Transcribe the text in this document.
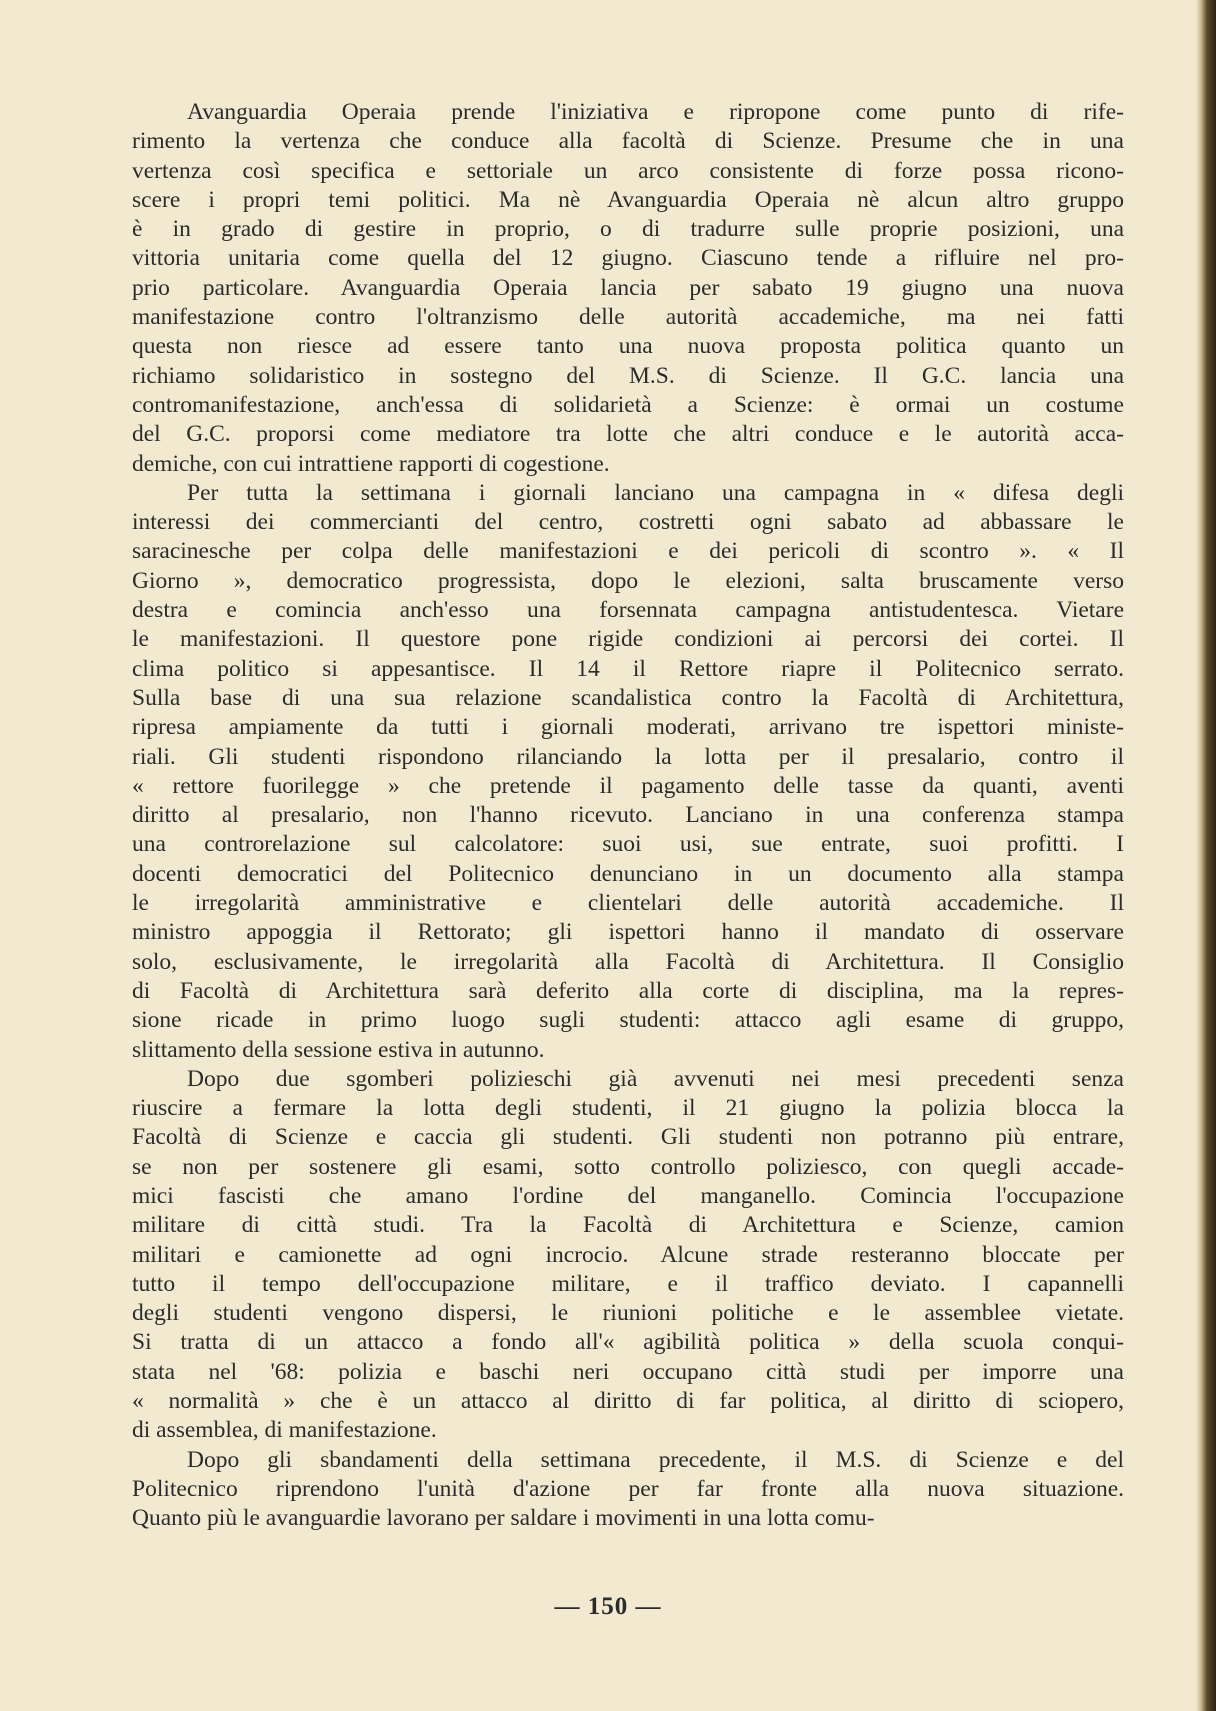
Avanguardia Operaia prende l'iniziativa e ripropone come punto di rife-
rimento la vertenza che conduce alla facoltà di Scienze. Presume che in una
vertenza così specifica e settoriale un arco consistente di forze possa ricono-
scere i propri temi politici. Ma nè Avanguardia Operaia nè alcun altro gruppo
è in grado di gestire in proprio, o di tradurre sulle proprie posizioni, una
vittoria unitaria come quella del 12 giugno. Ciascuno tende a rifluire nel pro-
prio particolare. Avanguardia Operaia lancia per sabato 19 giugno una nuova
manifestazione contro l'oltranzismo delle autorità accademiche, ma nei fatti
questa non riesce ad essere tanto una nuova proposta politica quanto un
richiamo solidaristico in sostegno del M.S. di Scienze. Il G.C. lancia una
contromanifestazione, anch'essa di solidarietà a Scienze: è ormai un costume
del G.C. proporsi come mediatore tra lotte che altri conduce e le autorità acca-
demiche, con cui intrattiene rapporti di cogestione.

Per tutta la settimana i giornali lanciano una campagna in « difesa degli
interessi dei commercianti del centro, costretti ogni sabato ad abbassare le
saracinesche per colpa delle manifestazioni e dei pericoli di scontro ». « Il
Giorno », democratico progressista, dopo le elezioni, salta bruscamente verso
destra e comincia anch'esso una forsennata campagna antistudentesca. Vietare
le manifestazioni. Il questore pone rigide condizioni ai percorsi dei cortei. Il
clima politico si appesantisce. Il 14 il Rettore riapre il Politecnico serrato.
Sulla base di una sua relazione scandalistica contro la Facoltà di Architettura,
ripresa ampiamente da tutti i giornali moderati, arrivano tre ispettori ministe-
riali. Gli studenti rispondono rilanciando la lotta per il presalario, contro il
« rettore fuorilegge » che pretende il pagamento delle tasse da quanti, aventi
diritto al presalario, non l'hanno ricevuto. Lanciano in una conferenza stampa
una controrelazione sul calcolatore: suoi usi, sue entrate, suoi profitti. I
docenti democratici del Politecnico denunciano in un documento alla stampa
le irregolarità amministrative e clientelari delle autorità accademiche. Il
ministro appoggia il Rettorato; gli ispettori hanno il mandato di osservare
solo, esclusivamente, le irregolarità alla Facoltà di Architettura. Il Consiglio
di Facoltà di Architettura sarà deferito alla corte di disciplina, ma la repres-
sione ricade in primo luogo sugli studenti: attacco agli esame di gruppo,
slittamento della sessione estiva in autunno.

Dopo due sgomberi polizieschi già avvenuti nei mesi precedenti senza
riuscire a fermare la lotta degli studenti, il 21 giugno la polizia blocca la
Facoltà di Scienze e caccia gli studenti. Gli studenti non potranno più entrare,
se non per sostenere gli esami, sotto controllo poliziesco, con quegli accade-
mici fascisti che amano l'ordine del manganello. Comincia l'occupazione
militare di città studi. Tra la Facoltà di Architettura e Scienze, camion
militari e camionette ad ogni incrocio. Alcune strade resteranno bloccate per
tutto il tempo dell'occupazione militare, e il traffico deviato. I capannelli
degli studenti vengono dispersi, le riunioni politiche e le assemblee vietate.
Si tratta di un attacco a fondo all'« agibilità politica » della scuola conqui-
stata nel '68: polizia e baschi neri occupano città studi per imporre una
« normalità » che è un attacco al diritto di far politica, al diritto di sciopero,
di assemblea, di manifestazione.

Dopo gli sbandamenti della settimana precedente, il M.S. di Scienze e del
Politecnico riprendono l'unità d'azione per far fronte alla nuova situazione.
Quanto più le avanguardie lavorano per saldare i movimenti in una lotta comu-

— 150 —
